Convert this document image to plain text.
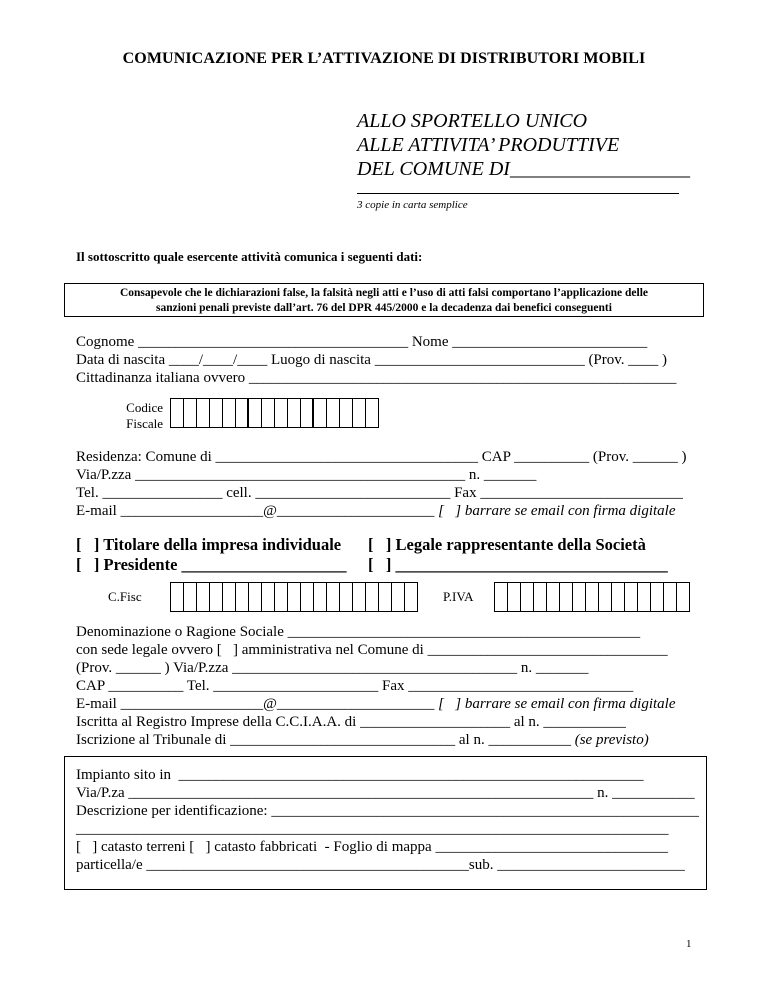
COMUNICAZIONE PER L’ATTIVAZIONE DI DISTRIBUTORI MOBILI
ALLO SPORTELLO UNICO
ALLE ATTIVITA’ PRODUTTIVE
DEL COMUNE DI__________________
3 copie in carta semplice
Il sottoscritto quale esercente attività comunica i seguenti dati:
Consapevole che le dichiarazioni false, la falsità negli atti e l’uso di atti falsi comportano l’applicazione delle
sanzioni penali previste dall’art. 76 del DPR 445/2000 e la decadenza dai benefici conseguenti
Cognome ____________________________________ Nome __________________________
Data di nascita ____/____/____ Luogo di nascita ____________________________ (Prov. ____ )
Cittadinanza italiana ovvero _________________________________________________________
Codice
Fiscale
Residenza: Comune di ___________________________________ CAP __________ (Prov. ______ )
Via/P.zza ____________________________________________ n. _______
Tel. ________________ cell. __________________________ Fax ___________________________
E-mail ___________________@_____________________ [   ] barrare se email con firma digitale
[   ] Titolare della impresa individuale
[   ] Presidente ____________________
[   ] Legale rappresentante della Società
[   ] _________________________________
C.Fisc	P.IVA
Denominazione o Ragione Sociale _______________________________________________
con sede legale ovvero [   ] amministrativa nel Comune di ________________________________
(Prov. ______ ) Via/P.zza ______________________________________ n. _______
CAP __________ Tel. ______________________ Fax ______________________________
E-mail ___________________@_____________________ [   ] barrare se email con firma digitale
Iscritta al Registro Imprese della C.C.I.A.A. di ____________________ al n. ___________
Iscrizione al Tribunale di ______________________________ al n. ___________ (se previsto)
Impianto sito in  ______________________________________________________________
Via/P.za ______________________________________________________________ n. ___________
Descrizione per identificazione: _________________________________________________________
_______________________________________________________________________________
[   ] catasto terreni [   ] catasto fabbricati  - Foglio di mappa _______________________________
particella/e ___________________________________________sub. _________________________
1
